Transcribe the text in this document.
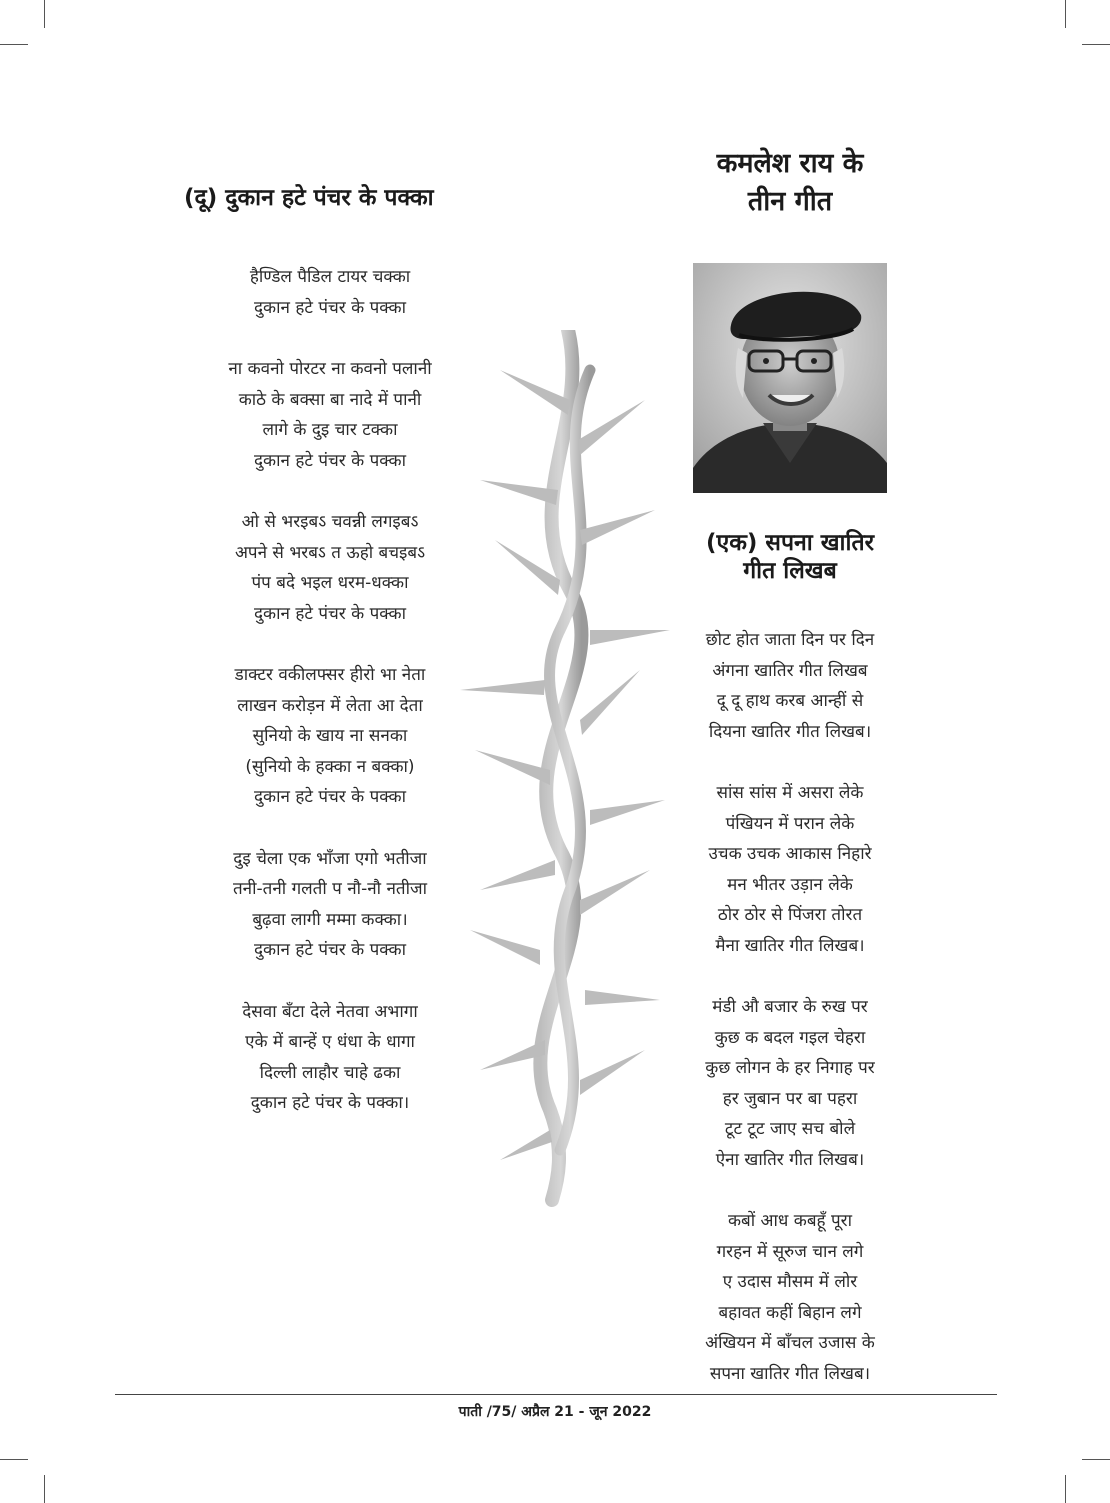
(दू) दुकान हटे पंचर के पक्का
हैण्डिल पैडिल टायर चक्का
दुकान हटे पंचर के पक्का
ना कवनो पोरटर ना कवनो पलानी
काठे के बक्सा बा नादे में पानी
लागे के दुइ चार टक्का
दुकान हटे पंचर के पक्का
ओ से भरइबऽ चवन्नी लगइबऽ
अपने से भरबऽ त ऊहो बचइबऽ
पंप बदे भइल धरम-धक्का
दुकान हटे पंचर के पक्का
डाक्टर वकीलफ्सर हीरो भा नेता
लाखन करोड़न में लेता आ देता
सुनियो के खाय ना सनका
(सुनियो के हक्का न बक्का)
दुकान हटे पंचर के पक्का
दुइ चेला एक भाँजा एगो भतीजा
तनी-तनी गलती प नौ-नौ नतीजा
बुढ़वा लागी मम्मा कक्का।
दुकान हटे पंचर के पक्का
देसवा बँटा देले नेतवा अभागा
एके में बान्हें ए धंधा के धागा
दिल्ली लाहौर चाहे ढका
दुकान हटे पंचर के पक्का।
कमलेश राय के
तीन गीत
(एक) सपना खातिर
गीत लिखब
छोट होत जाता दिन पर दिन
अंगना खातिर गीत लिखब
दू दू हाथ करब आन्हीं से
दियना खातिर गीत लिखब।
सांस सांस में असरा लेके
पंखियन में परान लेके
उचक उचक आकास निहारे
मन भीतर उड़ान लेके
ठोर ठोर से पिंजरा तोरत
मैना खातिर गीत लिखब।
मंडी औ बजार के रुख पर
कुछ क बदल गइल चेहरा
कुछ लोगन के हर निगाह पर
हर जुबान पर बा पहरा
टूट टूट जाए सच बोले
ऐना खातिर गीत लिखब।
कबों आध कबहूँ पूरा
गरहन में सूरुज चान लगे
ए उदास मौसम में लोर
बहावत कहीं बिहान लगे
अंखियन में बाँचल उजास के
सपना खातिर गीत लिखब।
पाती /75/ अप्रैल 21 - जून 2022
